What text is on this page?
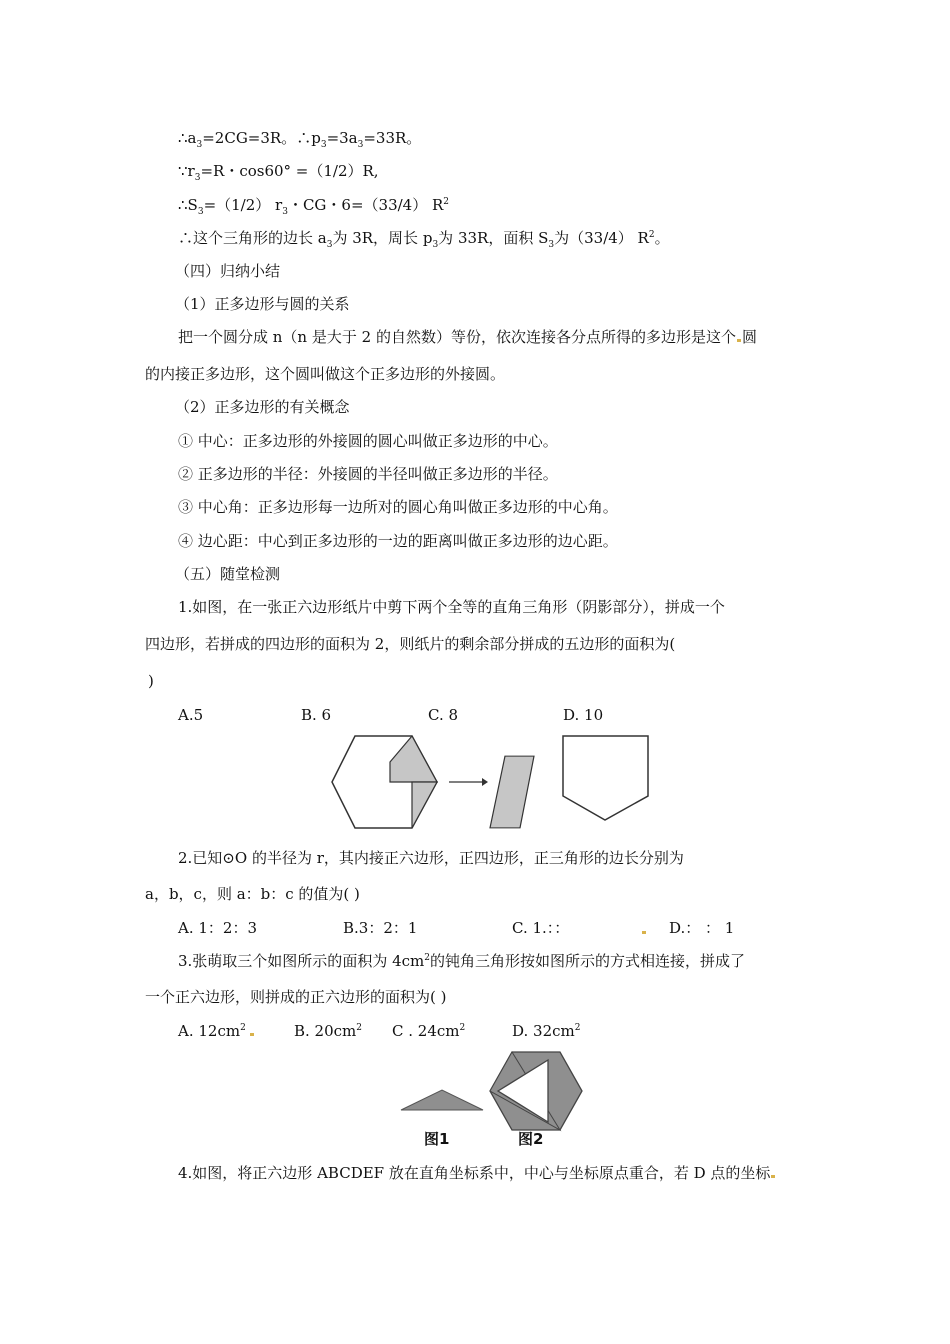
$\therefore a_3=2CG=3R$。$\therefore p_3=3a_3=33R$。
$\because r_3=R$・cos60° =（1/2）R,
$\therefore S_3=(1/2)$ $r_3$・CG・6=（33/4） $R^2$
∴这个三角形的边长 $a_3$为 3R，周长 $p_3$为 33R，面积 $S_3$为（33/4） $R^2$。
（四）归纳小结
（1）正多边形与圆的关系
把一个圆分成 n（n 是大于 2 的自然数）等份，依次连接各分点所得的多边形是这个 圆
的内接正多边形，这个圆叫做这个正多边形的外接圆。
（2）正多边形的有关概念
① 中心：正多边形的外接圆的圆心叫做正多边形的中心。
② 正多边形的半径：外接圆的半径叫做正多边形的半径。
③ 中心角：正多边形每一边所对的圆心角叫做正多边形的中心角。
④ 边心距：中心到正多边形的一边的距离叫做正多边形的边心距。
（五）随堂检测
1.如图，在一张正六边形纸片中剪下两个全等的直角三角形（阴影部分），拼成一个
四边形，若拼成的四边形的面积为 2，则纸片的剩余部分拼成的五边形的面积为(
)
A.5	B. 6	C. 8	D. 10
2.已知⊙O 的半径为 r，其内接正六边形，正四边形，正三角形的边长分别为
a，b，c，则 a：b：c 的值为( )
A. 1：2：3	B.3：2：1	C. 1.：：	D.： ： 1
3.张萌取三个如图所示的面积为 $4cm^2$的钝角三角形按如图所示的方式相连接，拼成了
一个正六边形，则拼成的正六边形的面积为( )
A. $12cm^2$	B. $20cm^2$ C . $24cm^2$	D. $32cm^2$
图1	图2
4.如图，将正六边形 ABCDEF 放在直角坐标系中，中心与坐标原点重合，若 D 点的坐标
